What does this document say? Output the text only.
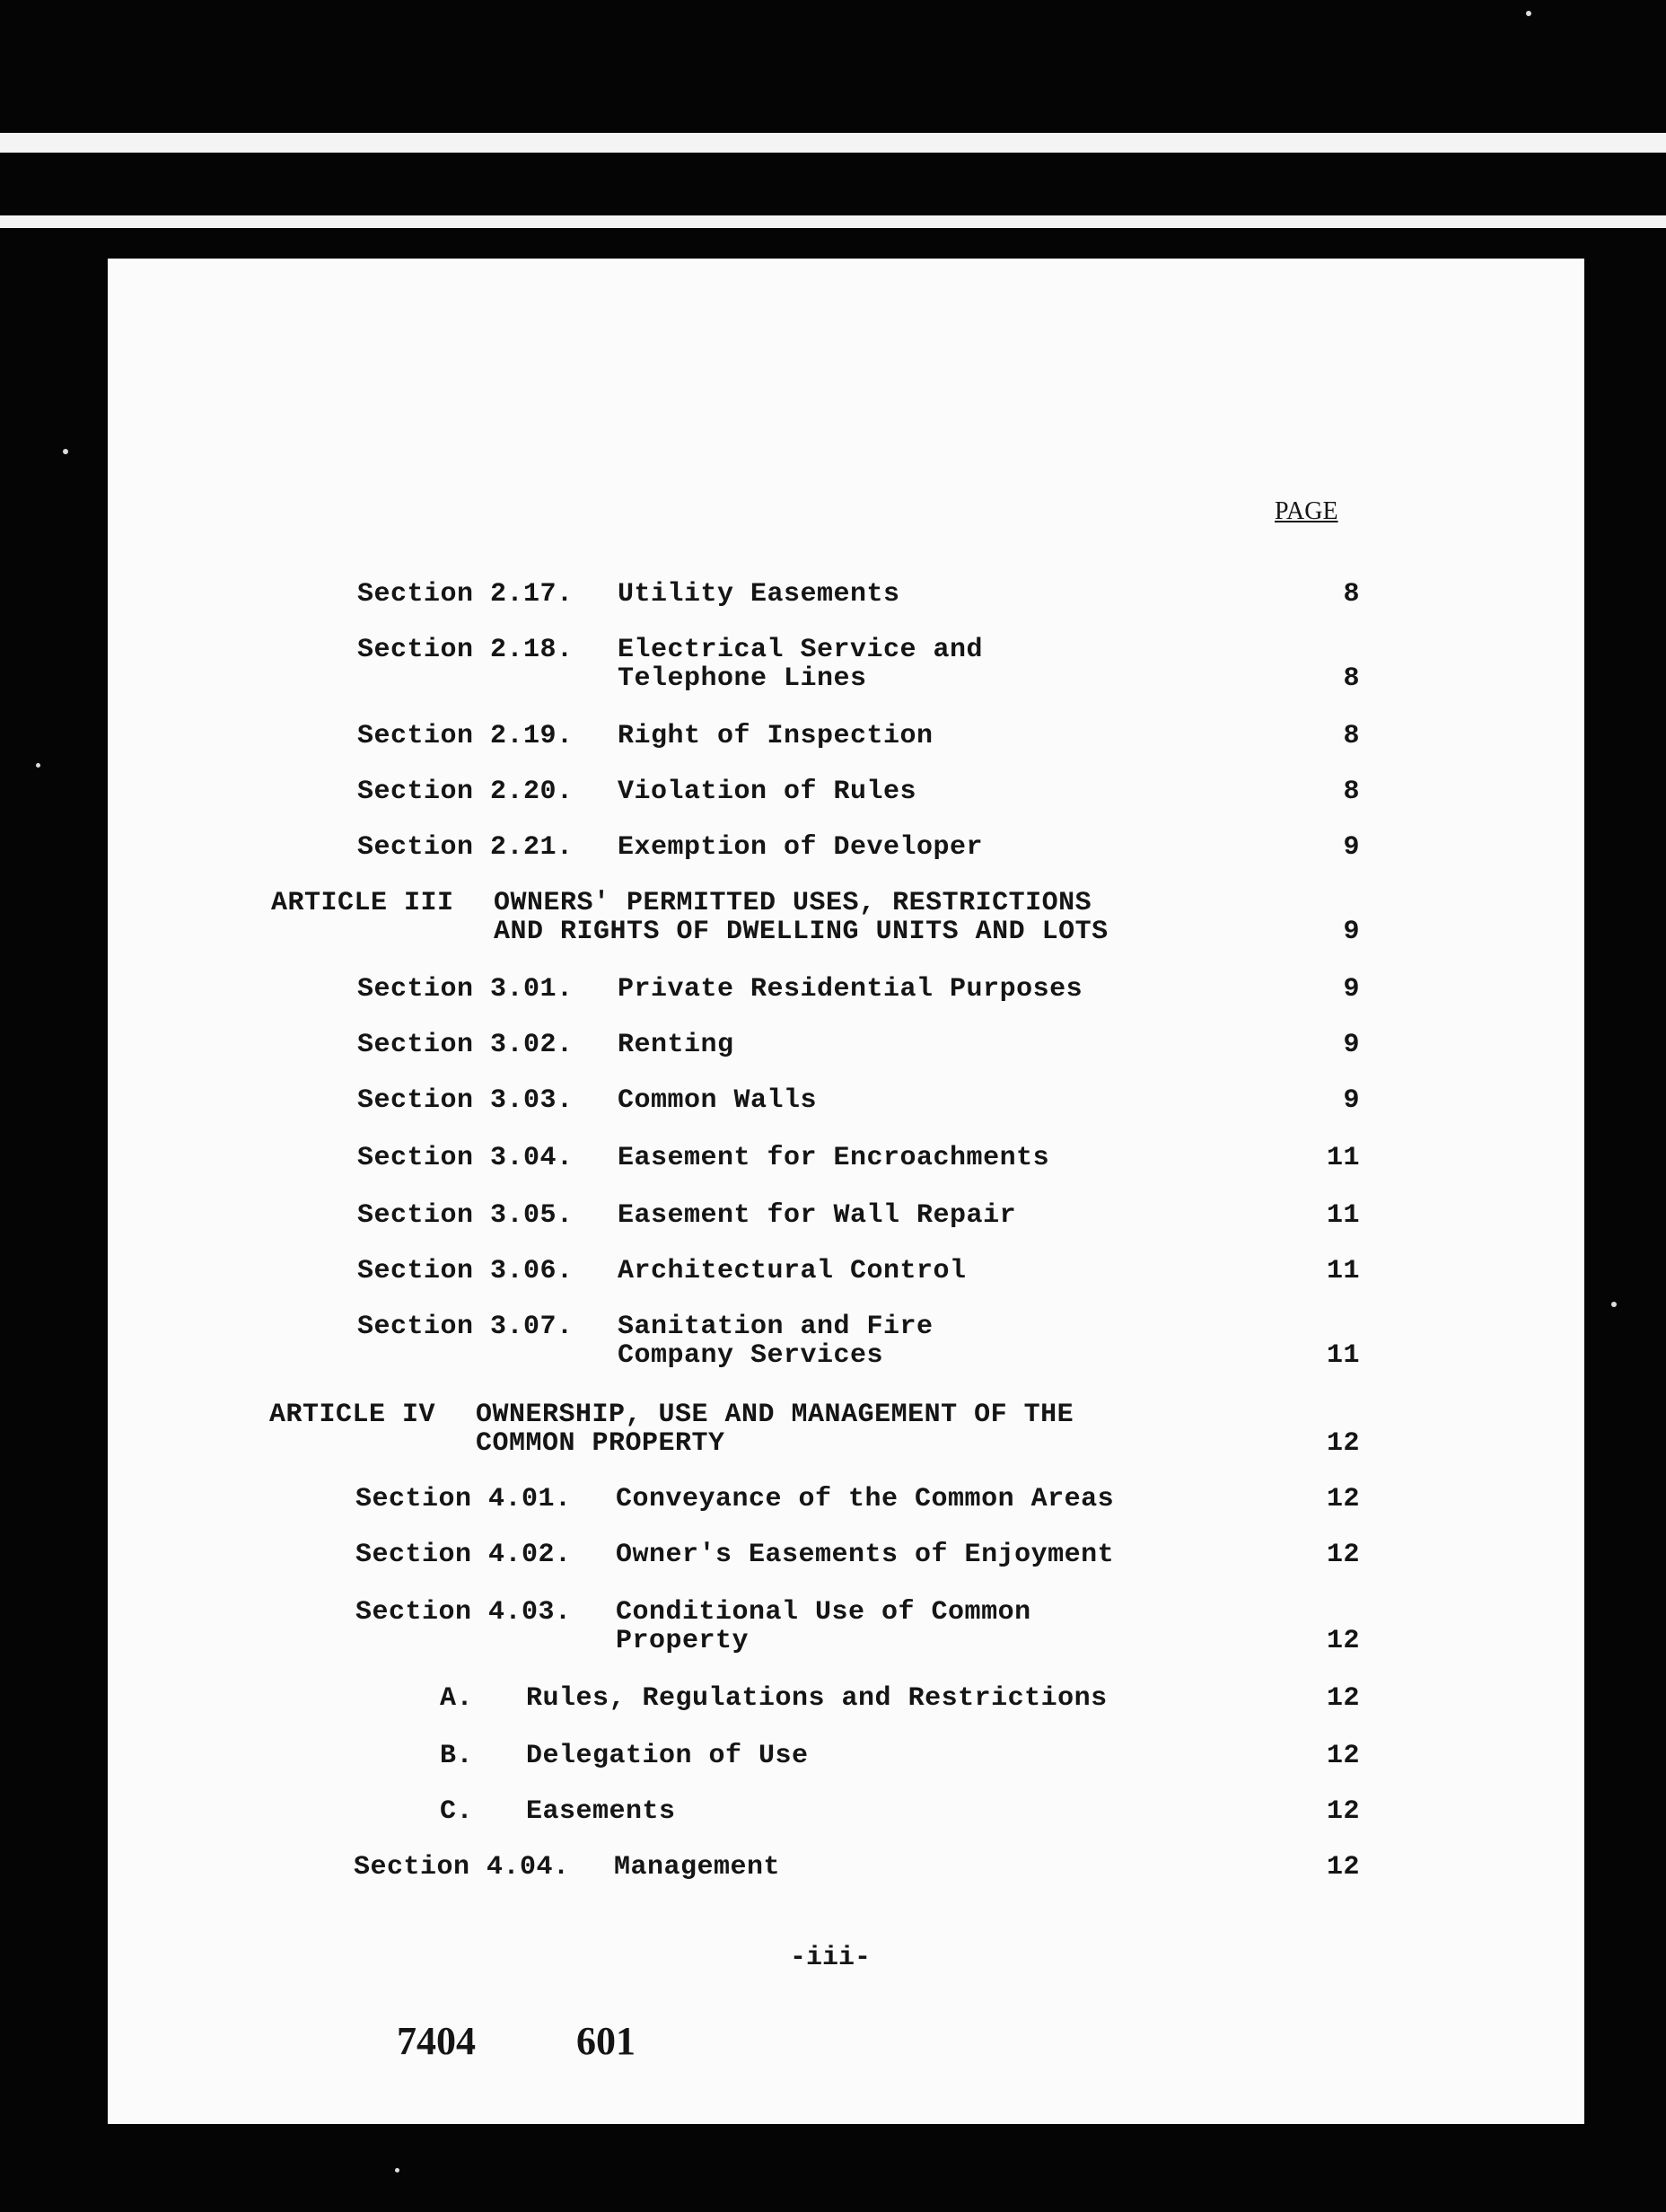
PAGE
Section 2.17. Utility Easements	8
Section 2.18. Electrical Service and
Telephone Lines	8
Section 2.19. Right of Inspection	8
Section 2.20. Violation of Rules	8
Section 2.21. Exemption of Developer	9
ARTICLE III OWNERS' PERMITTED USES, RESTRICTIONS
AND RIGHTS OF DWELLING UNITS AND LOTS	9
Section 3.01. Private Residential Purposes	9
Section 3.02. Renting	9
Section 3.03. Common Walls	9
Section 3.04. Easement for Encroachments	11
Section 3.05. Easement for Wall Repair	11
Section 3.06. Architectural Control	11
Section 3.07. Sanitation and Fire
Company Services	11
ARTICLE IV OWNERSHIP, USE AND MANAGEMENT OF THE
COMMON PROPERTY	12
Section 4.01. Conveyance of the Common Areas	12
Section 4.02. Owner's Easements of Enjoyment	12
Section 4.03. Conditional Use of Common
Property	12
A. Rules, Regulations and Restrictions	12
B. Delegation of Use	12
C. Easements	12
Section 4.04. Management	12
-iii-
7404	601
